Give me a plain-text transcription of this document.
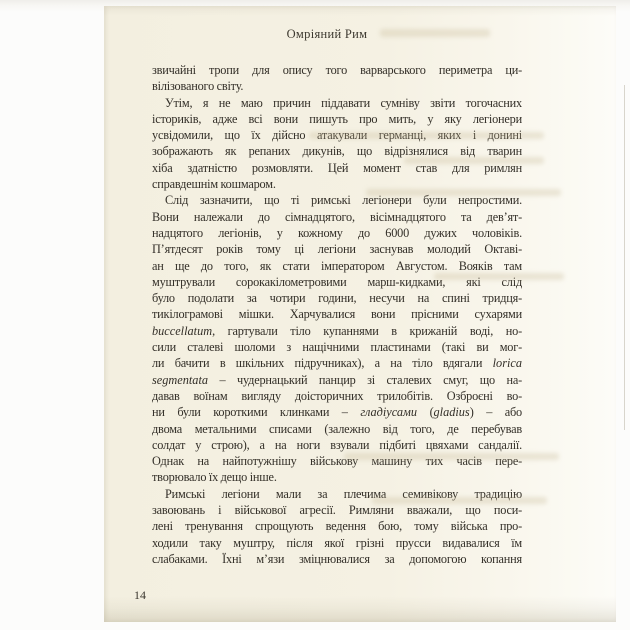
Омріяний Рим
звичайні тропи для опису того варварського периметра ци-
вілізованого світу.
Утім, я не маю причин піддавати сумніву звіти тогочасних
істориків, адже всі вони пишуть про мить, у яку легіонери
усвідомили, що їх дійсно атакували германці, яких і донині
зображають як репаних дикунів, що відрізнялися від тварин
хіба здатністю розмовляти. Цей момент став для римлян
справдешнім кошмаром.
Слід зазначити, що ті римські легіонери були непростими.
Вони належали до сімнадцятого, вісімнадцятого та дев’ят-
надцятого легіонів, у кожному до 6000 дужих чоловіків.
П’ятдесят років тому ці легіони заснував молодий Октаві-
ан ще до того, як стати імператором Августом. Вояків там
муштрували сорокакілометровими марш-кидками, які слід
було подолати за чотири години, несучи на спині тридця-
тикілограмові мішки. Харчувалися вони прісними сухарями
buccellatum, гартували тіло купаннями в крижаній воді, но-
сили сталеві шоломи з нащічними пластинами (такі ви мог-
ли бачити в шкільних підручниках), а на тіло вдягали lorica
segmentata – чудернацький панцир зі сталевих смуг, що на-
давав воїнам вигляду доісторичних трилобітів. Озброєні во-
ни були короткими клинками – гладіусами (gladius) – або
двома метальними списами (залежно від того, де перебував
солдат у строю), а на ноги взували підбиті цвяхами сандалії.
Однак на найпотужнішу військову машину тих часів пере-
творювало їх дещо інше.
Римські легіони мали за плечима семивікову традицію
завоювань і військової агресії. Римляни вважали, що поси-
лені тренування спрощують ведення бою, тому війська про-
ходили таку муштру, після якої грізні прусси видавалися їм
слабаками. Їхні м’язи зміцнювалися за допомогою копання
14
